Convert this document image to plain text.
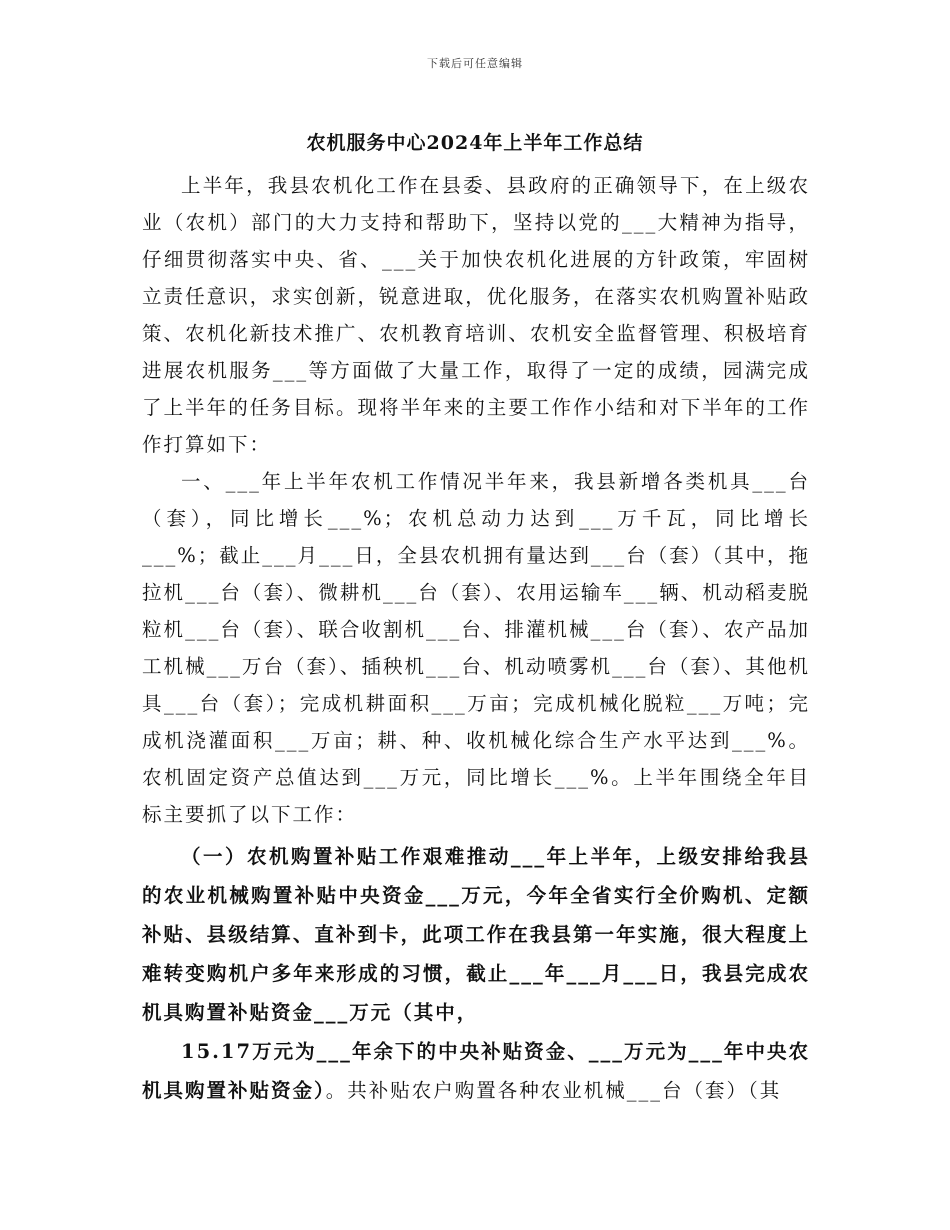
下载后可任意编辑
农机服务中心2024年上半年工作总结

上半年，我县农机化工作在县委、县政府的正确领导下，在上级农业（农机）部门的大力支持和帮助下，坚持以党的___大精神为指导，仔细贯彻落实中央、省、___关于加快农机化进展的方针政策，牢固树立责任意识，求实创新，锐意进取，优化服务，在落实农机购置补贴政策、农机化新技术推广、农机教育培训、农机安全监督管理、积极培育进展农机服务___等方面做了大量工作，取得了一定的成绩，园满完成了上半年的任务目标。现将半年来的主要工作作小结和对下半年的工作作打算如下：

一、___年上半年农机工作情况半年来，我县新增各类机具___台（套），同比增长___%；农机总动力达到___万千瓦，同比增长___%；截止___月___日，全县农机拥有量达到___台（套）（其中，拖拉机___台（套）、微耕机___台（套）、农用运输车___辆、机动稻麦脱粒机___台（套）、联合收割机___台、排灌机械___台（套）、农产品加工机械___万台（套）、插秧机___台、机动喷雾机___台（套）、其他机具___台（套）；完成机耕面积___万亩；完成机械化脱粒___万吨；完成机浇灌面积___万亩；耕、种、收机械化综合生产水平达到___%。农机固定资产总值达到___万元，同比增长___%。上半年围绕全年目标主要抓了以下工作：

（一）农机购置补贴工作艰难推动___年上半年，上级安排给我县的农业机械购置补贴中央资金___万元，今年全省实行全价购机、定额补贴、县级结算、直补到卡，此项工作在我县第一年实施，很大程度上难转变购机户多年来形成的习惯，截止___年___月___日，我县完成农机具购置补贴资金___万元（其中，

15.17万元为___年余下的中央补贴资金、___万元为___年中央农机具购置补贴资金）。共补贴农户购置各种农业机械___台（套）（其
